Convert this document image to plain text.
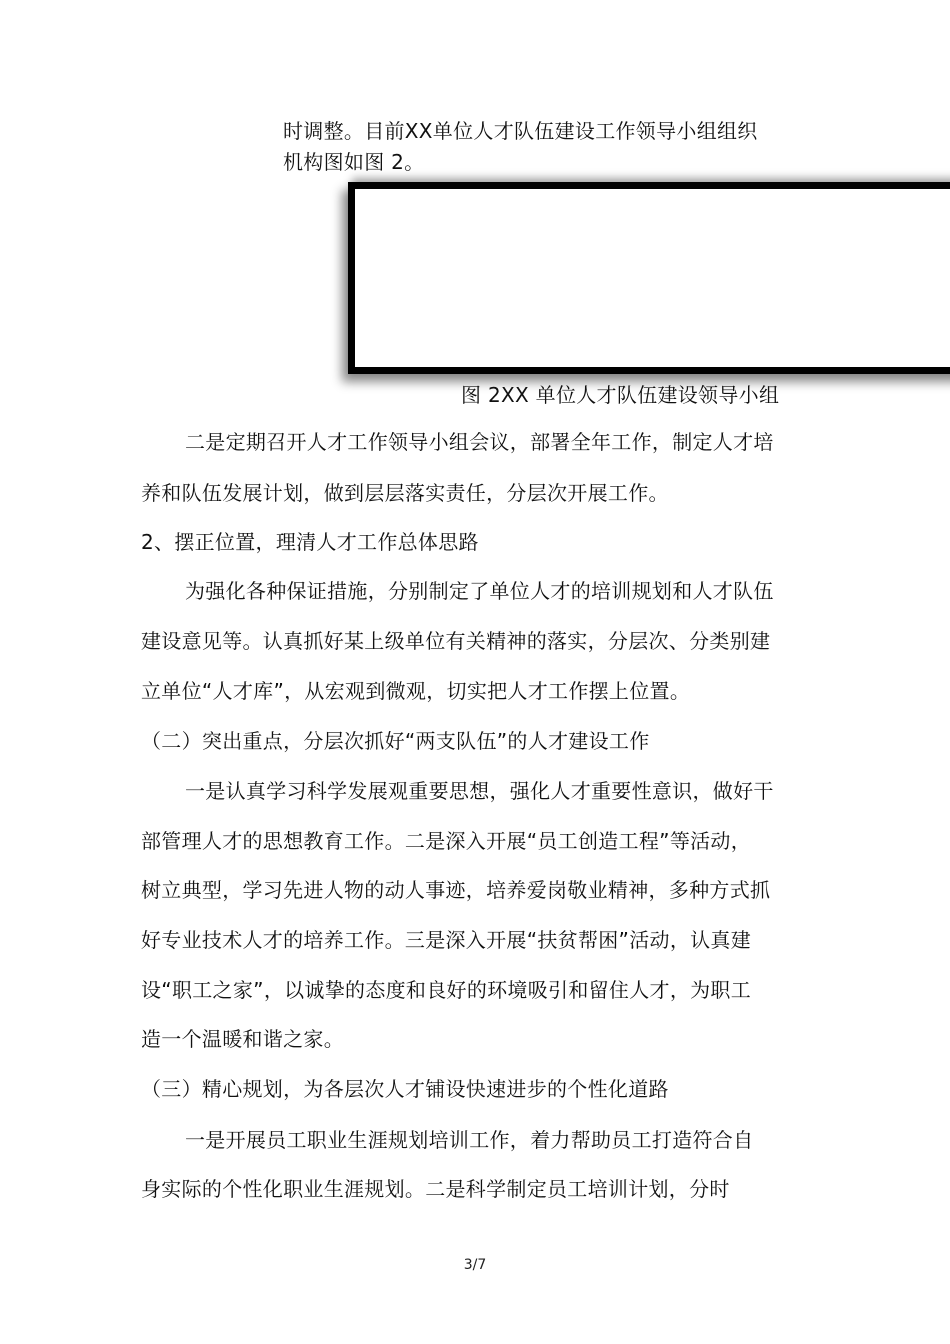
时调整。目前XX单位人才队伍建设工作领导小组组织

机构图如图 2。

图 2XX 单位人才队伍建设领导小组

二是定期召开人才工作领导小组会议，部署全年工作，制定人才培

养和队伍发展计划，做到层层落实责任，分层次开展工作。

2、摆正位置，理清人才工作总体思路

为强化各种保证措施，分别制定了单位人才的培训规划和人才队伍

建设意见等。认真抓好某上级单位有关精神的落实，分层次、分类别建

立单位“人才库”，从宏观到微观，切实把人才工作摆上位置。

（二）突出重点，分层次抓好“两支队伍”的人才建设工作

一是认真学习科学发展观重要思想，强化人才重要性意识，做好干

部管理人才的思想教育工作。二是深入开展“员工创造工程”等活动，

树立典型，学习先进人物的动人事迹，培养爱岗敬业精神，多种方式抓

好专业技术人才的培养工作。三是深入开展“扶贫帮困”活动，认真建

设“职工之家”，以诚挚的态度和良好的环境吸引和留住人才，为职工

造一个温暖和谐之家。

（三）精心规划，为各层次人才铺设快速进步的个性化道路

一是开展员工职业生涯规划培训工作，着力帮助员工打造符合自

身实际的个性化职业生涯规划。二是科学制定员工培训计划，分时

3/7
